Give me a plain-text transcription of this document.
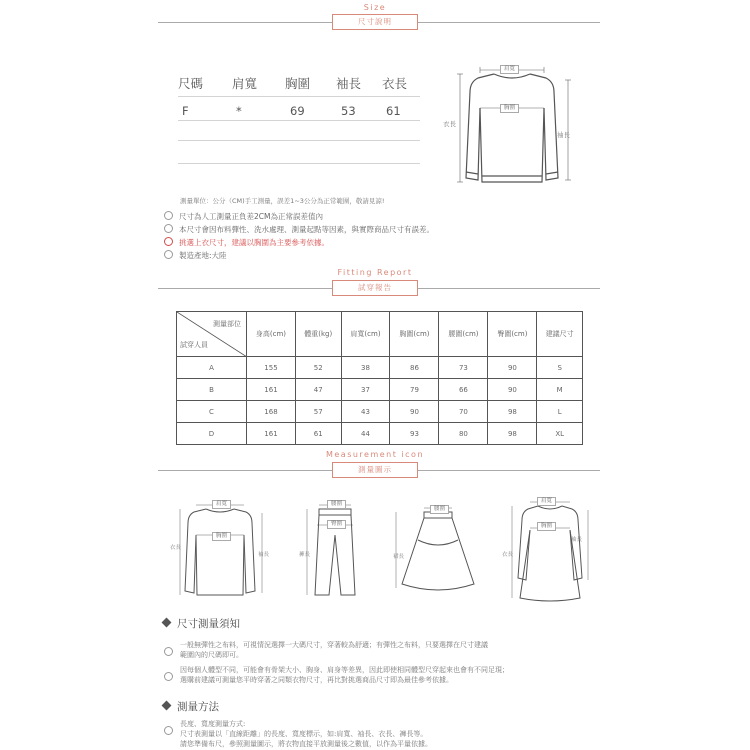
Size
尺寸說明
尺碼 肩寬 胸圍 袖長 衣長
F	*	69	53	61
肩寬
胸圍
衣長
袖長
測量單位：公分（CM)手工測量，誤差1~3公分為正常範圍，敬請見諒!
尺寸為人工測量正負差2CM為正常誤差值內
本尺寸會因布料彈性、洗水處理、測量起點等因素，與實際商品尺寸有誤差。
挑選上衣尺寸，建議以胸圍為主要參考依據。
製造產地:大陸
Fitting Report
試穿報告
測量部位
試穿人員	身高(cm)	體重(kg)	肩寬(cm)	胸圍(cm)	腰圍(cm)	臀圍(cm)	建議尺寸
A	155	52	38	86	73	90	S
B	161	47	37	79	66	90	M
C	168	57	43	90	70	98	L
D	161	61	44	93	80	98	XL
Measurement icon
測量圖示
肩寬
胸圍
衣長
袖長
腰圍
臀圍
褲長
腰圍
裙長
肩寬
胸圍
衣長
袖長
尺寸測量須知
一般無彈性之布料，可視情況選擇一大碼尺寸，穿著較為舒適；有彈性之布料，只要選擇在尺寸建議
範圍內的尺碼即可。
因每個人體型不同，可能會有骨架大小、胸身、肩身等差異，因此即使相同體型尺穿起來也會有不同足現；
選購前建議可測量您平時穿著之同類衣物尺寸，再比對挑選商品尺寸即為最佳參考依據。
測量方法
長度、寬度測量方式:
尺寸表測量以「直線距離」的長度、寬度標示，如:肩寬、袖長、衣長、褲長等。
請您準備布尺，參照測量圖示，將衣物直接平放測量後之數值，以作為平量依據。
